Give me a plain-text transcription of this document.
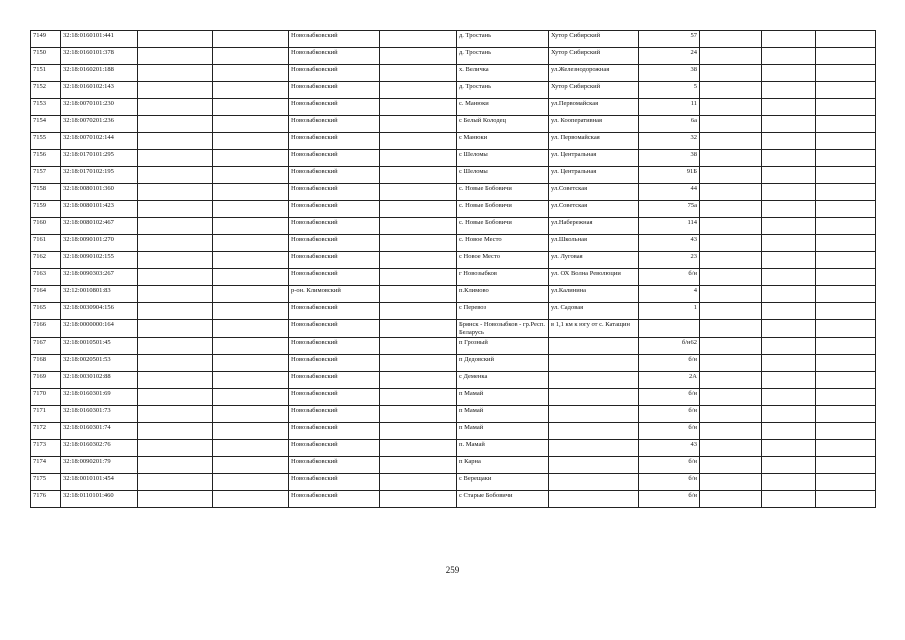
7149	32:18:0160101:441			Новозыбковский		д. Тростань	Хутор Сибирский	57			
7150	32:18:0160101:378			Новозыбковский		д. Тростань	Хутор Сибирский	24			
7151	32:18:0160201:188			Новозыбковский		х. Величка	ул.Железнодорожная	38			
7152	32:18:0160102:143			Новозыбковский		д. Тростань	Хутор Сибирский	5			
7153	32:18:0070101:230			Новозыбковский		с. Манюки	ул.Первомайская	11			
7154	32:18:0070201:236			Новозыбковский		с Белый Колодец	ул. Кооперативная	6а			
7155	32:18:0070102:144			Новозыбковский		с Манюки	ул. Первомайская	32			
7156	32:18:0170101:295			Новозыбковский		с Шеломы	ул. Центральная	38			
7157	32:18:0170102:195			Новозыбковский		с Шеломы	ул. Центральная	91Б			
7158	32:18:0080101:360			Новозыбковский		с. Новые Бобовичи	ул.Советская	44			
7159	32:18:0080101:423			Новозыбковский		с. Новые Бобовичи	ул.Советская	75а			
7160	32:18:0080102:467			Новозыбковский		с. Новые Бобовичи	ул.Набережная	114			
7161	32:18:0090101:270			Новозыбковский		с. Новое Место	ул.Школьная	43			
7162	32:18:0090102:155			Новозыбковский		с Новое Место	ул. Луговая	23			
7163	32:18:0090303:267			Новозыбковский		г Новозыбков	ул. ОХ Волна Революции	б/н			
7164	32:12:0010801:83			р-он. Климовский		п.Климово	ул.Калинина	4			
7165	32:18:0030904:156			Новозыбковский		с Перевоз	ул. Садовая	1			
7166	32:18:0000000:164			Новозыбковский		Брянск - Новозыбков - гр.Респ. Беларусь	в 1,1 км к югу от с. Катащин				
7167	32:18:0010501:45			Новозыбковский		п Грозный		б/н62			
7168	32:18:0020501:53			Новозыбковский		п Дедовский		б/н			
7169	32:18:0030102:88			Новозыбковский		с Деменка		2А			
7170	32:18:0160301:69			Новозыбковский		п Мамай		б/н			
7171	32:18:0160301:73			Новозыбковский		п Мамай		б/н			
7172	32:18:0160301:74			Новозыбковский		п Мамай		б/н			
7173	32:18:0160302:76			Новозыбковский		п. Мамай		43			
7174	32:18:0090201:79			Новозыбковский		п Карна		б/н			
7175	32:18:0010101:454			Новозыбковский		с Верещаки		б/н			
7176	32:18:0110101:460			Новозыбковский		с Старые Бобовичи		б/н			
259
